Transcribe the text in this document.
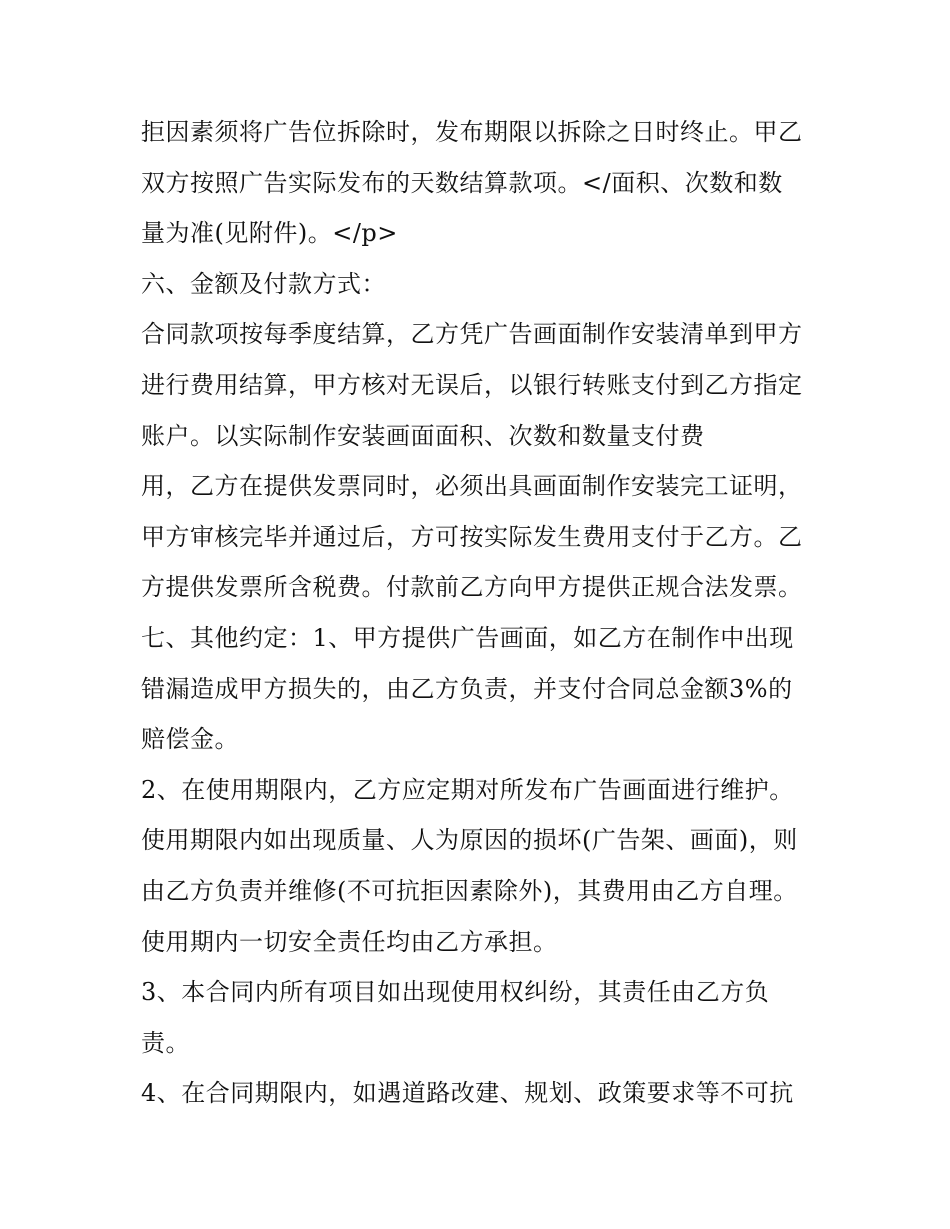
拒因素须将广告位拆除时，发布期限以拆除之日时终止。甲乙
双方按照广告实际发布的天数结算款项。</面积、次数和数
量为准(见附件)。</p>
六、金额及付款方式：
合同款项按每季度结算，乙方凭广告画面制作安装清单到甲方
进行费用结算，甲方核对无误后，以银行转账支付到乙方指定
账户。以实际制作安装画面面积、次数和数量支付费
用，乙方在提供发票同时，必须出具画面制作安装完工证明，
甲方审核完毕并通过后，方可按实际发生费用支付于乙方。乙
方提供发票所含税费。付款前乙方向甲方提供正规合法发票。
七、其他约定：1、甲方提供广告画面，如乙方在制作中出现
错漏造成甲方损失的，由乙方负责，并支付合同总金额3%的
赔偿金。
2、在使用期限内，乙方应定期对所发布广告画面进行维护。
使用期限内如出现质量、人为原因的损坏(广告架、画面)，则
由乙方负责并维修(不可抗拒因素除外)，其费用由乙方自理。
使用期内一切安全责任均由乙方承担。
3、本合同内所有项目如出现使用权纠纷，其责任由乙方负
责。
4、在合同期限内，如遇道路改建、规划、政策要求等不可抗
